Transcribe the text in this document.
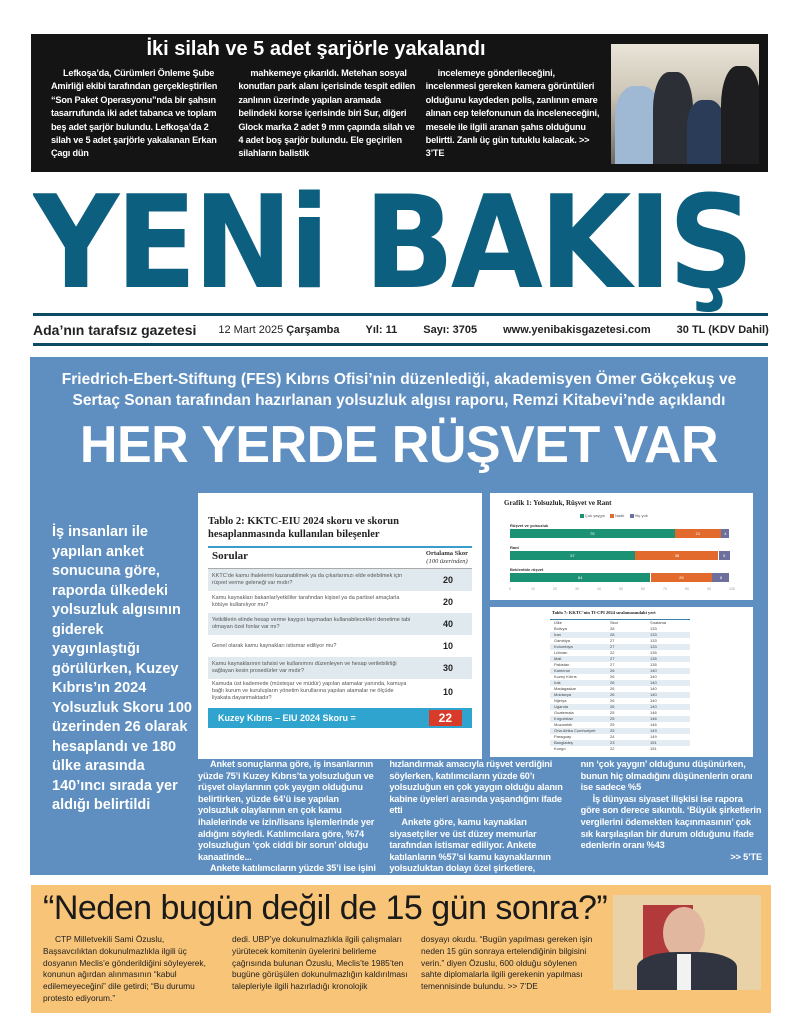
İki silah ve 5 adet şarjörle yakalandı

Lefkoşa’da, Cürümleri Önleme Şube Amirliği ekibi tarafından gerçekleştirilen “Son Paket Operasyonu”nda bir şahsın tasarrufunda iki adet tabanca ve toplam beş adet şarjör bulundu. Lefkoşa’da 2 silah ve 5 adet şarjörle yakalanan Erkan Çagı dün

mahkemeye çıkarıldı. Metehan sosyal konutları park alanı içerisinde tespit edilen zanlının üzerinde yapılan aramada belindeki korse içerisinde biri Sur, diğeri Glock marka 2 adet 9 mm çapında silah ve 4 adet boş şarjör bulundu. Ele geçirilen silahların balistik

incelemeye gönderileceğini, incelenmesi gereken kamera görüntüleri olduğunu kaydeden polis, zanlının emare alınan cep telefonunun da inceleneceğini, mesele ile ilgili aranan şahıs olduğunu belirtti. Zanlı üç gün tutuklu kalacak. >> 3’TE

YENi BAKIŞ
Ada’nın tarafsız gazetesi 12 Mart 2025 Çarşamba Yıl: 11 Sayı: 3705 www.yenibakisgazetesi.com 30 TL (KDV Dahil)
Friedrich-Ebert-Stiftung (FES) Kıbrıs Ofisi’nin düzenlediği, akademisyen Ömer Gökçekuş ve Sertaç Sonan tarafından hazırlanan yolsuzluk algısı raporu, Remzi Kitabevi’nde açıklandı
HER YERDE RÜŞVET VAR
İş insanları ile yapılan anket sonucuna göre, raporda ülkedeki yolsuzluk algısının giderek yaygınlaştığı görülürken, Kuzey Kıbrıs’ın 2024 Yolsuzluk Skoru 100 üzerinden 26 olarak hesaplandı ve 180 ülke arasında 140’ıncı sırada yer aldığı belirtildi
Tablo 2: KKTC-EIU 2024 skoru ve skorun hesaplanmasında kullanılan bileşenler
Sorular	Ortalama Skor
(100 üzerinden)
KKTC’de kamu ihalelerini kazanabilmek ya da çıkarlarınızı elde edebilmek için rüşvet verme geleneği var mıdır?	20
Kamu kaynakları bakanlar/yetkililer tarafından kişisel ya da partisel amaçlarla kötüye kullanılıyor mu?	20
Yetkililerin elinde hesap verme kaygısı taşımadan kullanabilecekleri denetime tabi olmayan özel fonlar var mı?	40
Genel olarak kamu kaynakları istismar ediliyor mu?	10
Kamu kaynaklarının tahsisi ve kullanımını düzenleyen ve hesap verilebilirliği sağlayan kesin prosedürler var mıdır?	30
Kamuda üst kademede (müsteşar ve müdür) yapılan atamalar yanında, kamuya bağlı kurum ve kuruluşların yönetim kurullarına yapılan atamalar ne ölçüde liyakata dayanmaktadır?
10
Kuzey Kıbrıs – EIU 2024 Skoru =	22
Grafik 1: Yolsuzluk, Rüşvet ve Rant
Çok yaygın	Nadir	Hiç yok
Rüşvet ve yolsuzluk
75	21	4
Rant
57	38	5
Beklentide rüşvet
64	28	8
0	10	20	30	40	50	60	70	80	90	100
Tablo 7: KKTC’nin TI-CPI 2024 sıralamasındaki yeri
Ülke	Skor	Sıralama
Bolivya	28	133
İran	28	133
Gambiya	27	133
Kolombiya	27	133
Lübnan	22	135
Mali	27	135
Pakistan	27	135
Kamerun	26	140
Kuzey Kıbrıs	26	140
Irak	26	140
Madagaskar	26	140
Moldavya	26	140
Nijerya	26	140
Uganda	26	140
Guatemala	25	146
Kırgızistan	25	146
Mozambik	25	146
Orta Afrika Cumhuriyeti	25	149
Paraguay	24	149
Bangladeş	23	151
Kongo	22	151

Anket sonuçlarına göre, iş insanlarının yüzde 75’i Kuzey Kıbrıs’ta yolsuzluğun ve rüşvet olaylarının çok yaygın olduğunu belirtirken, yüzde 64’ü ise yapılan yolsuzluk olaylarının en çok kamu ihalelerinde ve izin/lisans işlemlerinde yer aldığını söyledi. Katılımcılara göre, %74 yolsuzluğun ‘çok ciddi bir sorun’ olduğu kanaatinde...

Ankete katılımcıların yüzde 35’i ise işini

hızlandırmak amacıyla rüşvet verdiğini söylerken, katılımcıların yüzde 60’ı yolsuzluğun en çok yaygın olduğu alanın kabine üyeleri arasında yaşandığını ifade etti

Ankete göre, kamu kaynakları siyasetçiler ve üst düzey memurlar tarafından istismar ediliyor. Ankete katılanların %57’si kamu kaynaklarının yolsuzluktan dolayı özel şirketlere, bireylere ve gruplara aktanılması-

nın ‘çok yaygın’ olduğunu düşünürken, bunun hiç olmadığını düşünenlerin oranı ise sadece %5

İş dünyası siyaset ilişkisi ise rapora göre son derece sıkıntılı. ‘Büyük şirketlerin vergilerini ödemekten kaçınmasının’ çok sık karşılaşılan bir durum olduğunu ifade edenlerin oranı %43

>> 5’TE

“Neden bugün değil de 15 gün sonra?”

CTP Milletvekili Sami Özuslu, Başsavcılıktan dokunulmazlıkla ilgili üç dosyanın Meclis’e gönderildiğini söyleyerek, konunun ağırdan alınmasının “kabul edilemeyeceğini” dile getirdi; “Bu durumu protesto ediyorum.”

dedi. UBP’ye dokunulmazlıkla ilgili çalışmaları yürütecek komitenin üyelerini belirleme çağrısında bulunan Özuslu, Meclis’te 1985’ten bugüne görüşülen dokunulmazlığın kaldırılması talepleriyle ilgili hazırladığı kronolojik

dosyayı okudu. “Bugün yapılması gereken işin neden 15 gün sonraya ertelendiğinin bilgisini verin.” diyen Özuslu, 600 olduğu söylenen sahte diplomalarla ilgili gerekenin yapılması temennisinde bulundu. >> 7’DE
